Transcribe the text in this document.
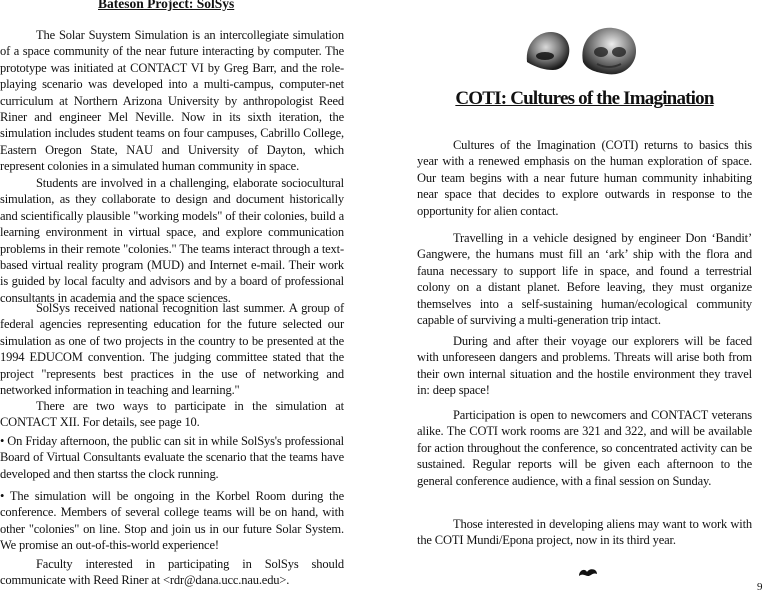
Bateson Project: SolSys

The Solar Suystem Simulation is an intercollegiate simulation of a space community of the near future interacting by computer. The prototype was initiated at CONTACT VI by Greg Barr, and the role-playing scenario was developed into a multi-campus, computer-net curriculum at Northern Arizona University by anthropologist Reed Riner and engineer Mel Neville. Now in its sixth iteration, the simulation includes student teams on four campuses, Cabrillo College, Eastern Oregon State, NAU and University of Dayton, which represent colonies in a simulated human community in space.

Students are involved in a challenging, elaborate sociocultural simulation, as they collaborate to design and document historically and scientifically plausible "working models" of their colonies, build a learning environment in virtual space, and explore communication problems in their remote "colonies." The teams interact through a text-based virtual reality program (MUD) and Internet e-mail. Their work is guided by local faculty and advisors and by a board of professional consultants in academia and the space sciences.

SolSys received national recognition last summer. A group of federal agencies representing education for the future selected our simulation as one of two projects in the country to be presented at the 1994 EDUCOM convention. The judging committee stated that the project "represents best practices in the use of networking and networked information in teaching and learning."

There are two ways to participate in the simulation at CONTACT XII. For details, see page 10.

• On Friday afternoon, the public can sit in while SolSys's professional Board of Virtual Consultants evaluate the scenario that the teams have developed and then startss the clock running.

• The simulation will be ongoing in the Korbel Room during the conference. Members of several college teams will be on hand, with other "colonies" on line. Stop and join us in our future Solar System. We promise an out-of-this-world experience!

Faculty interested in participating in SolSys should communicate with Reed Riner at <rdr@dana.ucc.nau.edu>.

COTI: Cultures of the Imagination

Cultures of the Imagination (COTI) returns to basics this year with a renewed emphasis on the human exploration of space. Our team begins with a near future human community inhabiting near space that decides to explore outwards in response to the opportunity for alien contact.

Travelling in a vehicle designed by engineer Don ‘Bandit’ Gangwere, the humans must fill an ‘ark’ ship with the flora and fauna necessary to support life in space, and found a terrestrial colony on a distant planet. Before leaving, they must organize themselves into a self-sustaining human/ecological community capable of surviving a multi-generation trip intact.

During and after their voyage our explorers will be faced with unforeseen dangers and problems. Threats will arise both from their own internal situation and the hostile environment they travel in: deep space!

Participation is open to newcomers and CONTACT veterans alike. The COTI work rooms are 321 and 322, and will be available for action throughout the conference, so concentrated activity can be sustained. Regular reports will be given each afternoon to the general conference audience, with a final session on Sunday.

Those interested in developing aliens may want to work with the COTI Mundi/Epona project, now in its third year.

9
